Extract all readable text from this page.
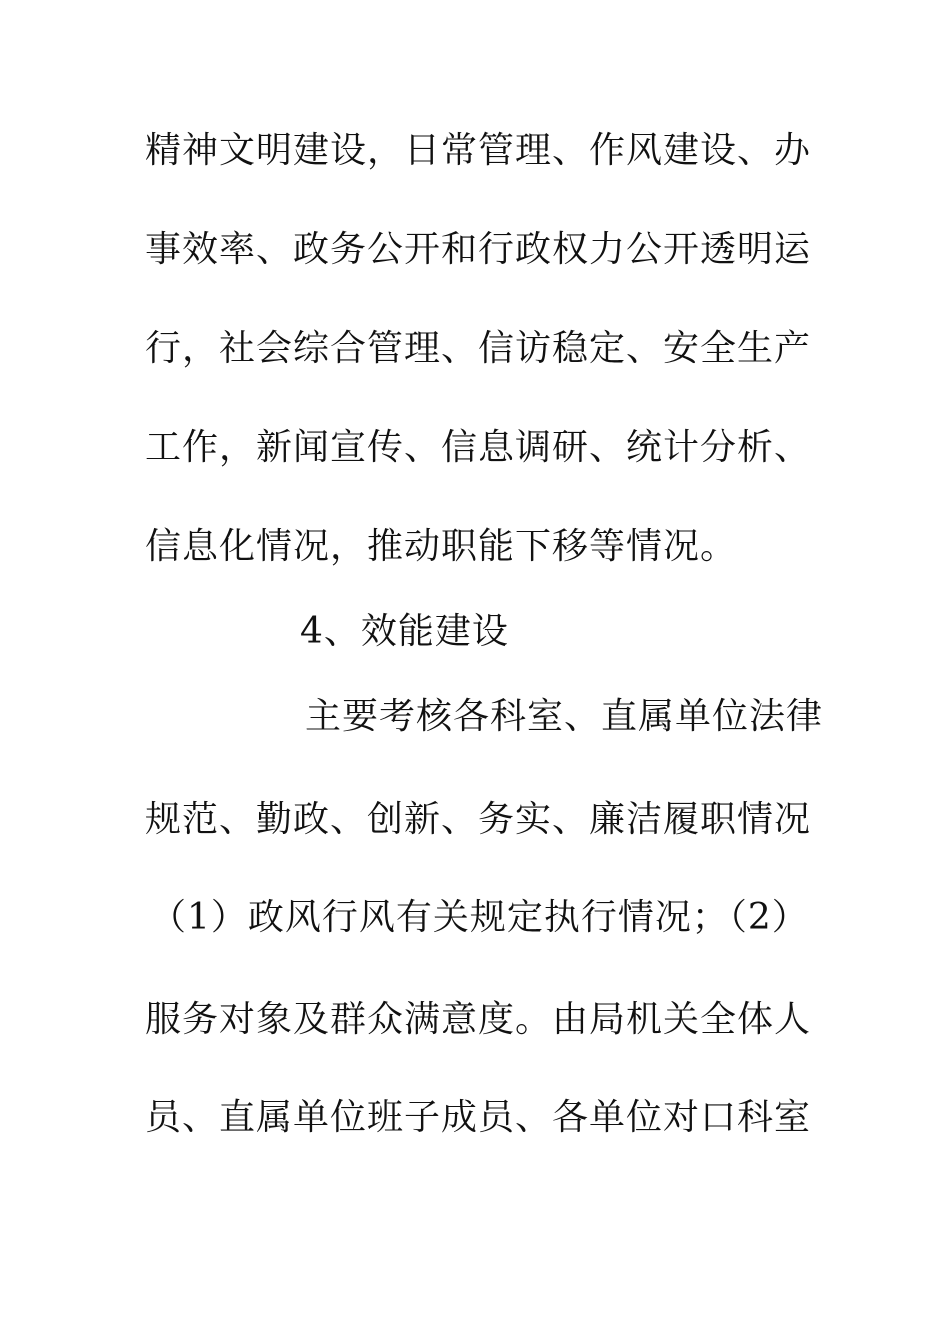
精神文明建设，日常管理、作风建设、办
事效率、政务公开和行政权力公开透明运
行，社会综合管理、信访稳定、安全生产
工作，新闻宣传、信息调研、统计分析、
信息化情况，推动职能下移等情况。
4、效能建设
主要考核各科室、直属单位法律
规范、勤政、创新、务实、廉洁履职情况
（1）政风行风有关规定执行情况；（2）
服务对象及群众满意度。由局机关全体人
员、直属单位班子成员、各单位对口科室
